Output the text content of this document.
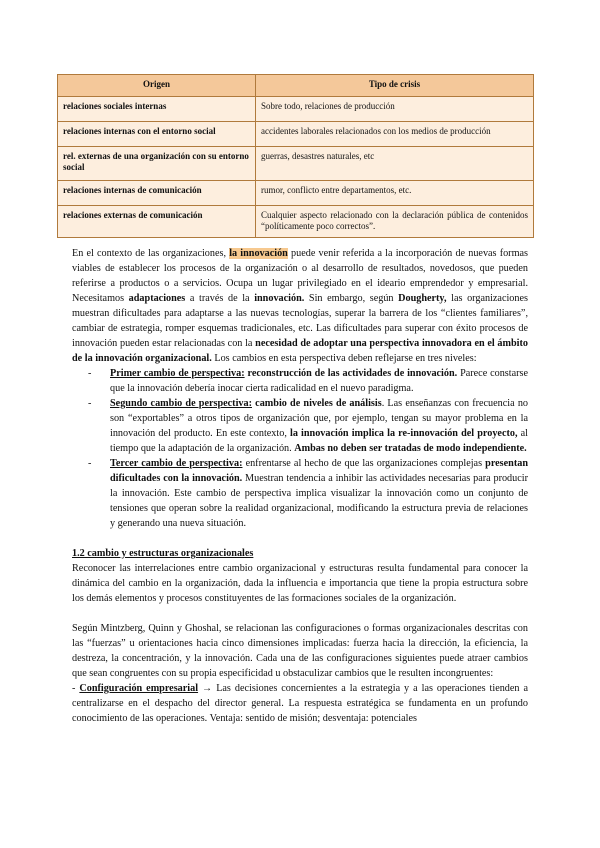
Origen	Tipo de crisis
relaciones sociales internas	Sobre todo, relaciones de producción
relaciones internas con el entorno social	accidentes laborales relacionados con los medios de producción
rel. externas de una organización con su entorno social	guerras, desastres naturales, etc
relaciones internas de comunicación	rumor, conflicto entre departamentos, etc.
relaciones externas de comunicación	Cualquier aspecto relacionado con la declaración pública de contenidos “políticamente poco correctos”.

En el contexto de las organizaciones, la innovación puede venir referida a la incorporación de nuevas formas viables de establecer los procesos de la organización o al desarrollo de resultados, novedosos, que pueden referirse a productos o a servicios. Ocupa un lugar privilegiado en el ideario emprendedor y empresarial. Necesitamos adaptaciones a través de la innovación. Sin embargo, según Dougherty, las organizaciones muestran dificultades para adaptarse a las nuevas tecnologías, superar la barrera de los “clientes familiares”, cambiar de estrategia, romper esquemas tradicionales, etc. Las dificultades para superar con éxito procesos de innovación pueden estar relacionadas con la necesidad de adoptar una perspectiva innovadora en el ámbito de la innovación organizacional. Los cambios en esta perspectiva deben reflejarse en tres niveles:

- Primer cambio de perspectiva: reconstrucción de las actividades de innovación. Parece constarse que la innovación debería inocar cierta radicalidad en el nuevo paradigma.
- Segundo cambio de perspectiva: cambio de niveles de análisis. Las enseñanzas con frecuencia no son “exportables” a otros tipos de organización que, por ejemplo, tengan su mayor problema en la innovación del producto. En este contexto, la innovación implica la re-innovación del proyecto, al tiempo que la adaptación de la organización. Ambas no deben ser tratadas de modo independiente.
- Tercer cambio de perspectiva: enfrentarse al hecho de que las organizaciones complejas presentan dificultades con la innovación. Muestran tendencia a inhibir las actividades necesarias para producir la innovación. Este cambio de perspectiva implica visualizar la innovación como un conjunto de tensiones que operan sobre la realidad organizacional, modificando la estructura previa de relaciones y generando una nueva situación.

1.2 cambio y estructuras organizacionales

Reconocer las interrelaciones entre cambio organizacional y estructuras resulta fundamental para conocer la dinámica del cambio en la organización, dada la influencia e importancia que tiene la propia estructura sobre los demás elementos y procesos constituyentes de las formaciones sociales de la organización.

Según Mintzberg, Quinn y Ghoshal, se relacionan las configuraciones o formas organizacionales descritas con las “fuerzas” u orientaciones hacia cinco dimensiones implicadas: fuerza hacia la dirección, la eficiencia, la destreza, la concentración, y la innovación. Cada una de las configuraciones siguientes puede atraer cambios que sean congruentes con su propia especificidad u obstaculizar cambios que le resulten incongruentes:

- Configuración empresarial → Las decisiones concernientes a la estrategia y a las operaciones tienden a centralizarse en el despacho del director general. La respuesta estratégica se fundamenta en un profundo conocimiento de las operaciones. Ventaja: sentido de misión; desventaja: potenciales
